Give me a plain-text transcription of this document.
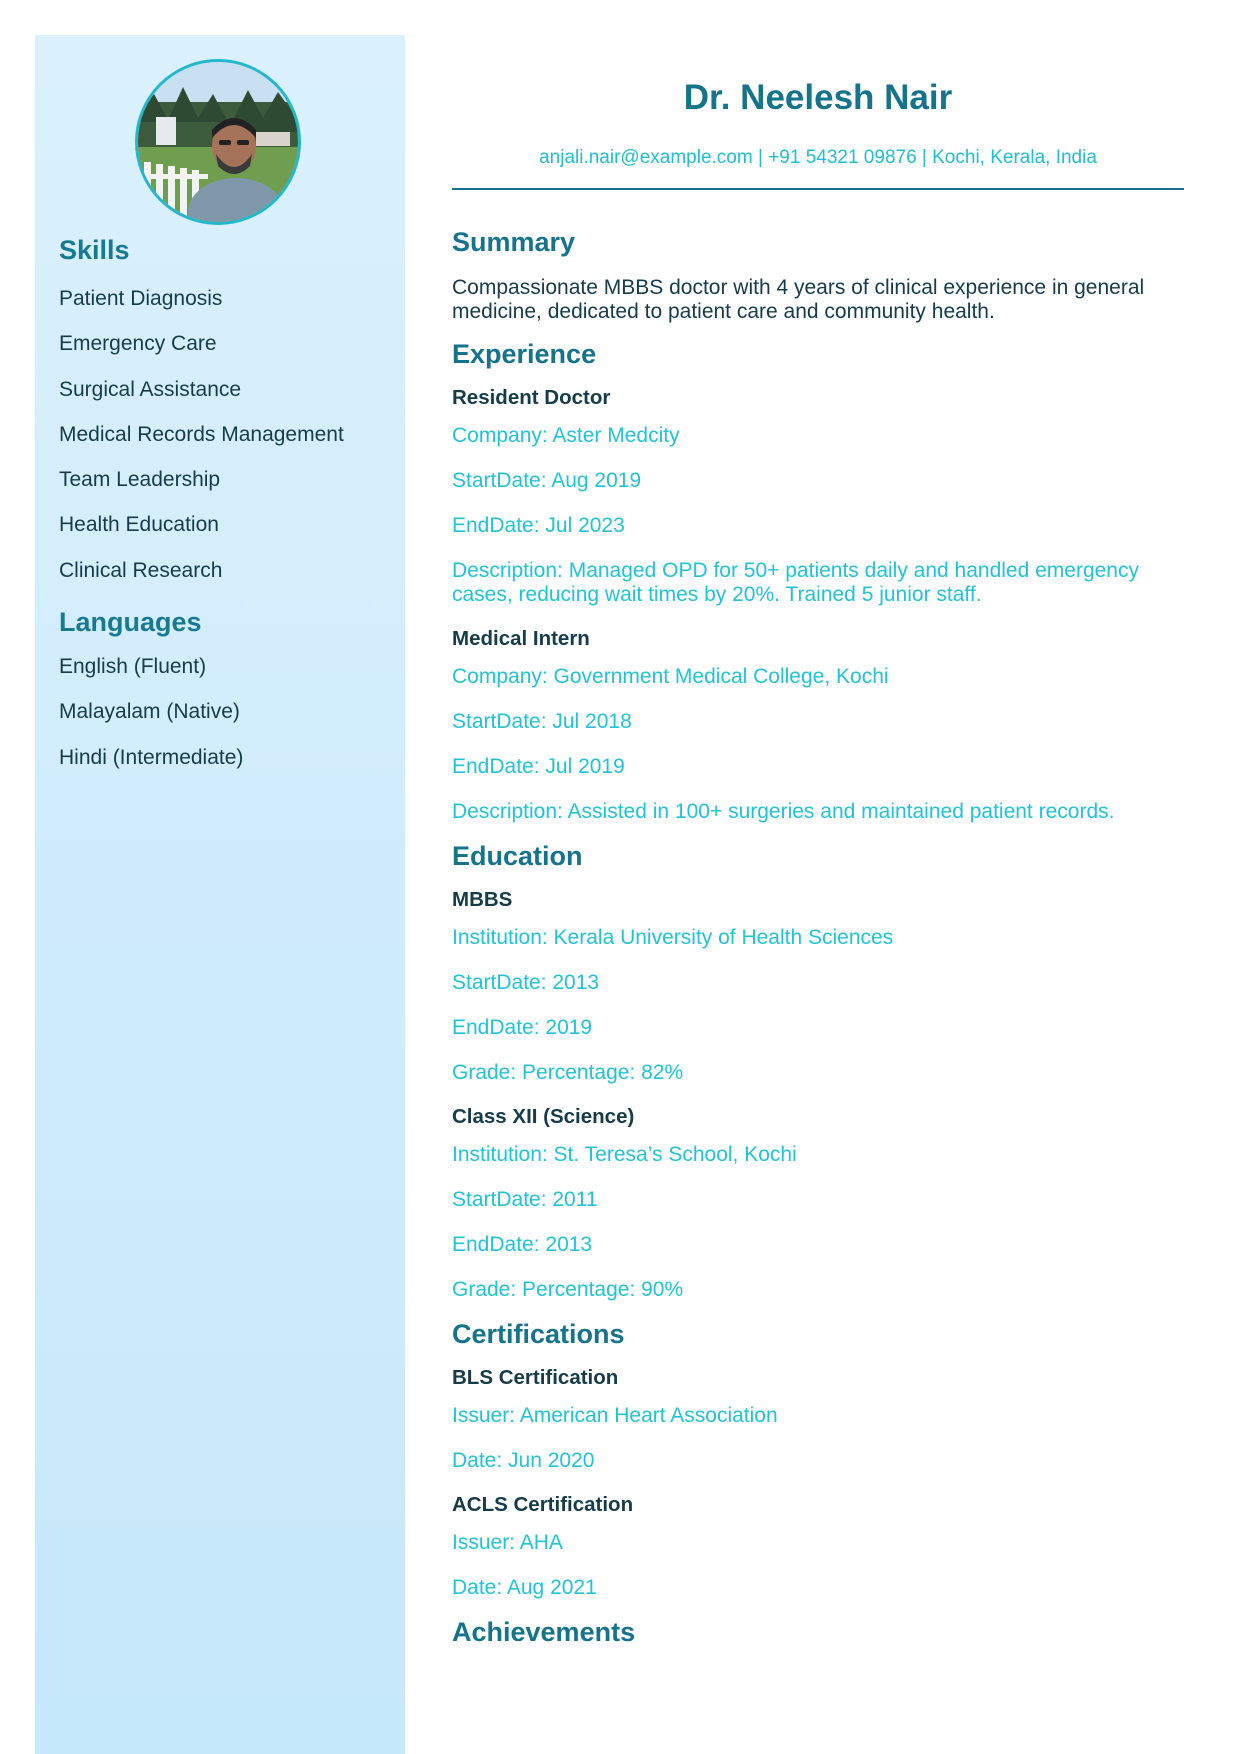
Skills
Patient Diagnosis
Emergency Care
Surgical Assistance
Medical Records Management
Team Leadership
Health Education
Clinical Research
Languages
English (Fluent)
Malayalam (Native)
Hindi (Intermediate)
Dr. Neelesh Nair
anjali.nair@example.com | +91 54321 09876 | Kochi, Kerala, India
Summary

Compassionate MBBS doctor with 4 years of clinical experience in general medicine, dedicated to patient care and community health.

Experience
Resident Doctor
Company: Aster Medcity
StartDate: Aug 2019
EndDate: Jul 2023
Description: Managed OPD for 50+ patients daily and handled emergency cases, reducing wait times by 20%. Trained 5 junior staff.
Medical Intern
Company: Government Medical College, Kochi
StartDate: Jul 2018
EndDate: Jul 2019
Description: Assisted in 100+ surgeries and maintained patient records.
Education
MBBS
Institution: Kerala University of Health Sciences
StartDate: 2013
EndDate: 2019
Grade: Percentage: 82%
Class XII (Science)
Institution: St. Teresa’s School, Kochi
StartDate: 2011
EndDate: 2013
Grade: Percentage: 90%
Certifications
BLS Certification
Issuer: American Heart Association
Date: Jun 2020
ACLS Certification
Issuer: AHA
Date: Aug 2021
Achievements
